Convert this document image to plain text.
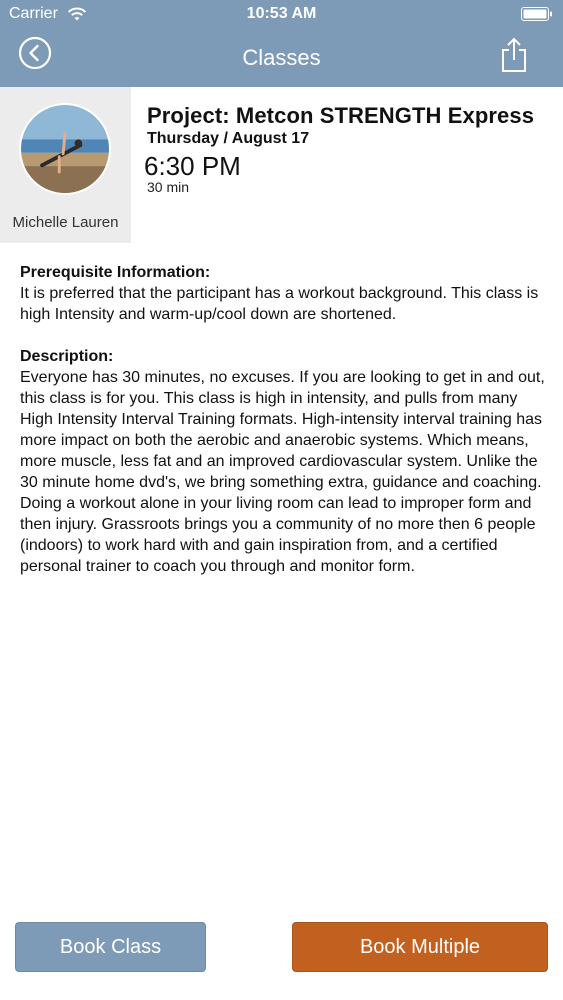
Carrier	10:53 AM
Classes
Michelle Lauren
Project: Metcon STRENGTH Express
Thursday / August 17
6:30 PM
30 min
Prerequisite Information:
It is preferred that the participant has a workout background. This class is high Intensity and warm-up/cool down are shortened.
Description:
Everyone has 30 minutes, no excuses. If you are looking to get in and out, this class is for you. This class is high in intensity, and pulls from many High Intensity Interval Training formats. High-intensity interval training has more impact on both the aerobic and anaerobic systems. Which means, more muscle, less fat and an improved cardiovascular system. Unlike the 30 minute home dvd's, we bring something extra, guidance and coaching. Doing a workout alone in your living room can lead to improper form and then injury. Grassroots brings you a community of no more then 6 people (indoors) to work hard with and gain inspiration from, and a certified personal trainer to coach you through and monitor form.
Book Class	Book Multiple
